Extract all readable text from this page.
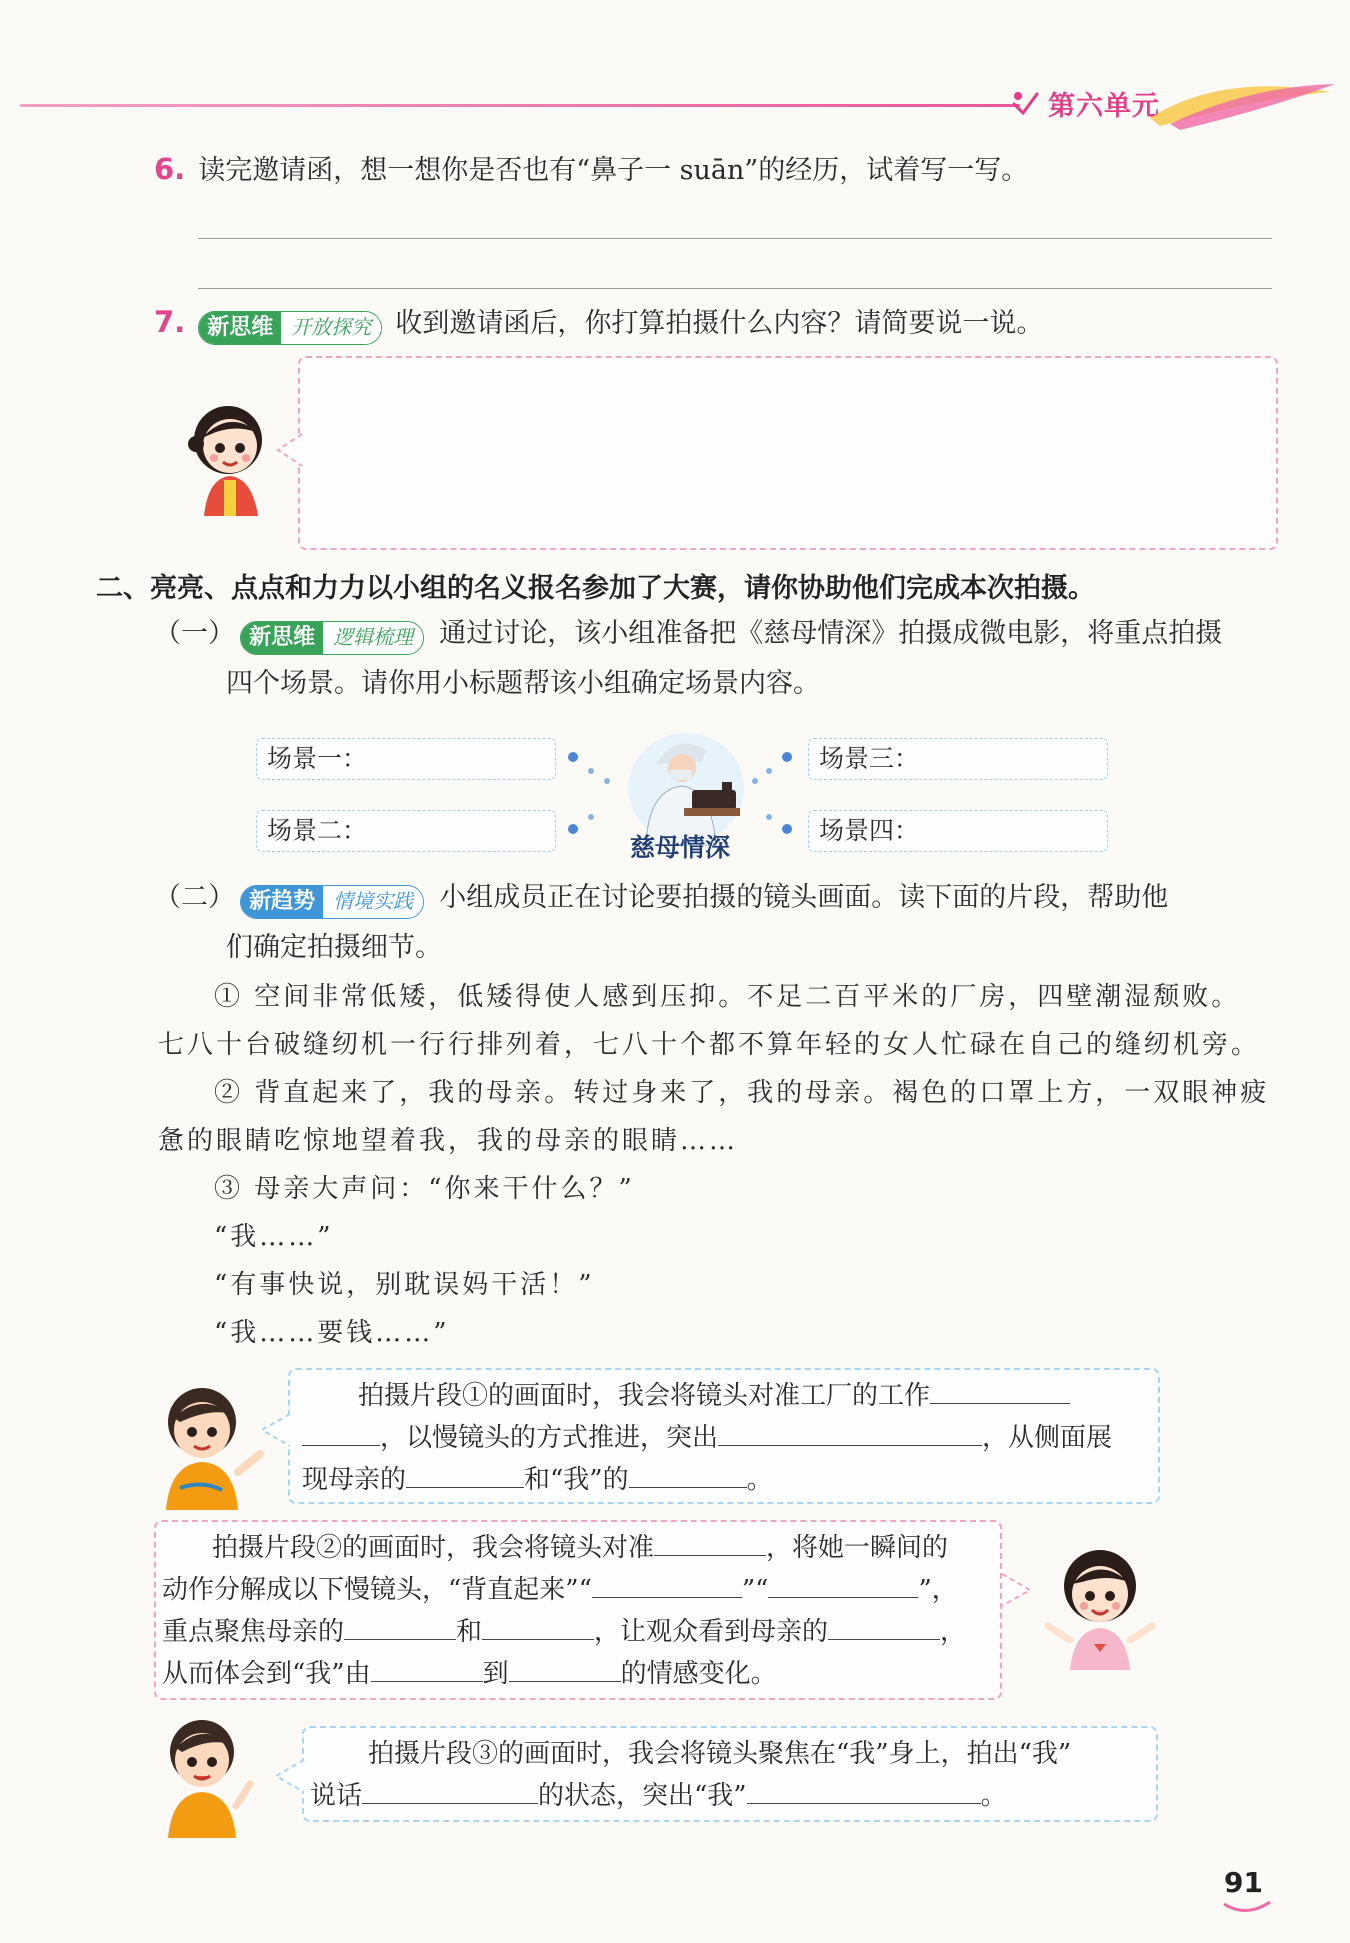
第六单元
6. 读完邀请函，想一想你是否也有“鼻子一 suān”的经历，试着写一写。
7.	新思维 开放探究 收到邀请函后，你打算拍摄什么内容？请简要说一说。
二、亮亮、点点和力力以小组的名义报名参加了大赛，请你协助他们完成本次拍摄。
（一） 新思维 逻辑梳理 通过讨论，该小组准备把《慈母情深》拍摄成微电影，将重点拍摄
四个场景。请你用小标题帮该小组确定场景内容。
场景一：
场景二：
场景三：
场景四：
慈母情深
（二） 新趋势 情境实践 小组成员正在讨论要拍摄的镜头画面。读下面的片段，帮助他
们确定拍摄细节。
① 空间非常低矮，低矮得使人感到压抑。不足二百平米的厂房，四壁潮湿颓败。
七八十台破缝纫机一行行排列着，七八十个都不算年轻的女人忙碌在自己的缝纫机旁。
② 背直起来了，我的母亲。转过身来了，我的母亲。褐色的口罩上方，一双眼神疲
惫的眼睛吃惊地望着我，我的母亲的眼睛……
③ 母亲大声问：“你来干什么？”
“我……”
“有事快说，别耽误妈干活！”
“我……要钱……”
拍摄片段①的画面时，我会将镜头对准工厂的工作
，以慢镜头的方式推进，突出	，从侧面展
现母亲的	和“我”的	。
拍摄片段②的画面时，我会将镜头对准	，将她一瞬间的
动作分解成以下慢镜头，“背直起来”“	”“	”，
重点聚焦母亲的	和	，让观众看到母亲的	，
从而体会到“我”由	到	的情感变化。
拍摄片段③的画面时，我会将镜头聚焦在“我”身上，拍出“我”
说话	的状态，突出“我”	。
91
